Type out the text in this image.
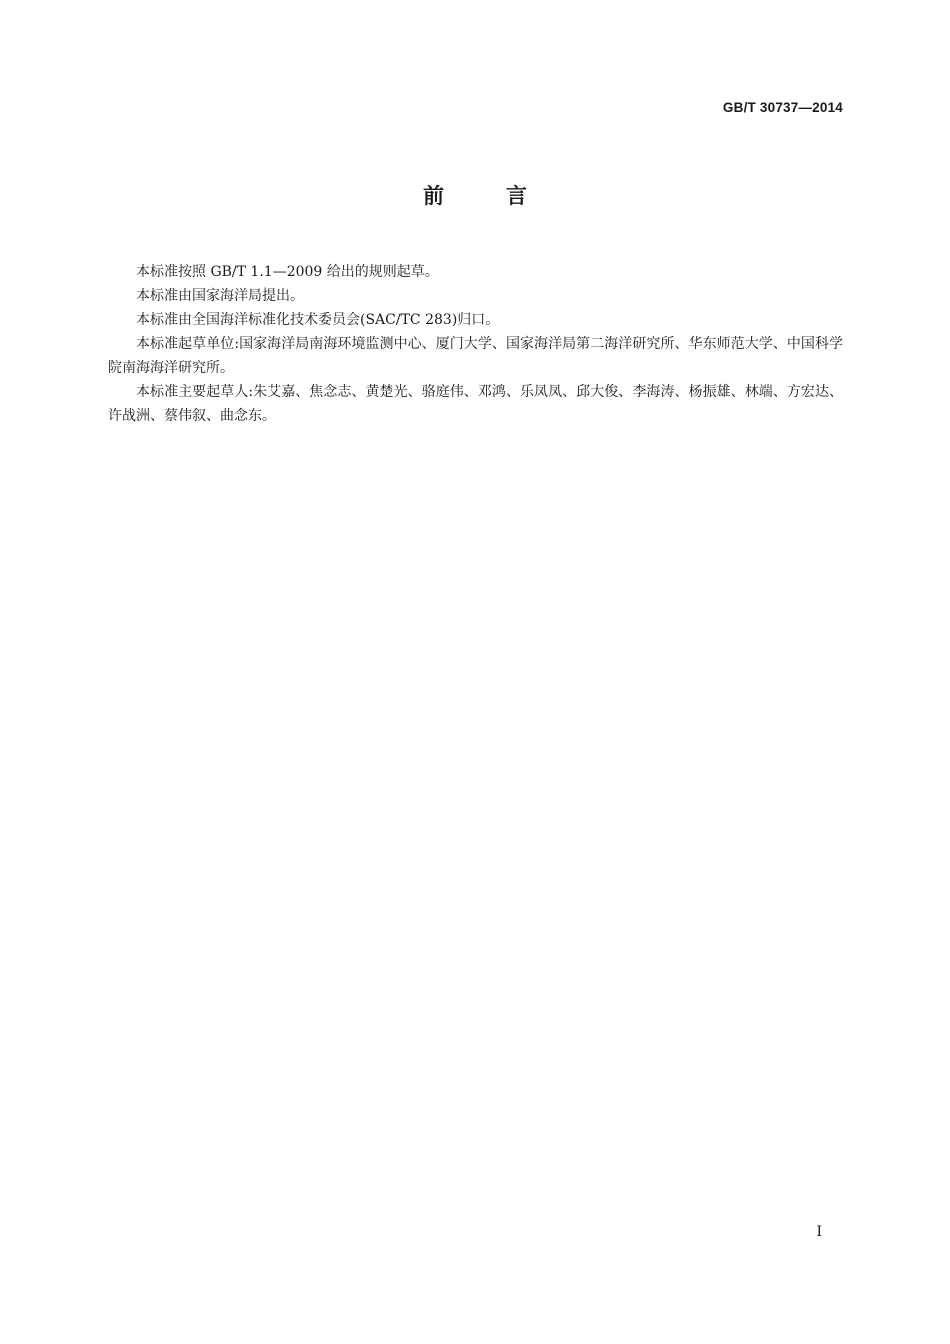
GB/T 30737—2014
前言

本标准按照 GB/T 1.1—2009 给出的规则起草。

本标准由国家海洋局提出。

本标准由全国海洋标准化技术委员会(SAC/TC 283)归口。

本标准起草单位:国家海洋局南海环境监测中心、厦门大学、国家海洋局第二海洋研究所、华东师范大学、中国科学院南海海洋研究所。

本标准主要起草人:朱艾嘉、焦念志、黄楚光、骆庭伟、邓鸿、乐凤凤、邱大俊、李海涛、杨振雄、林端、方宏达、许战洲、蔡伟叙、曲念东。

I
